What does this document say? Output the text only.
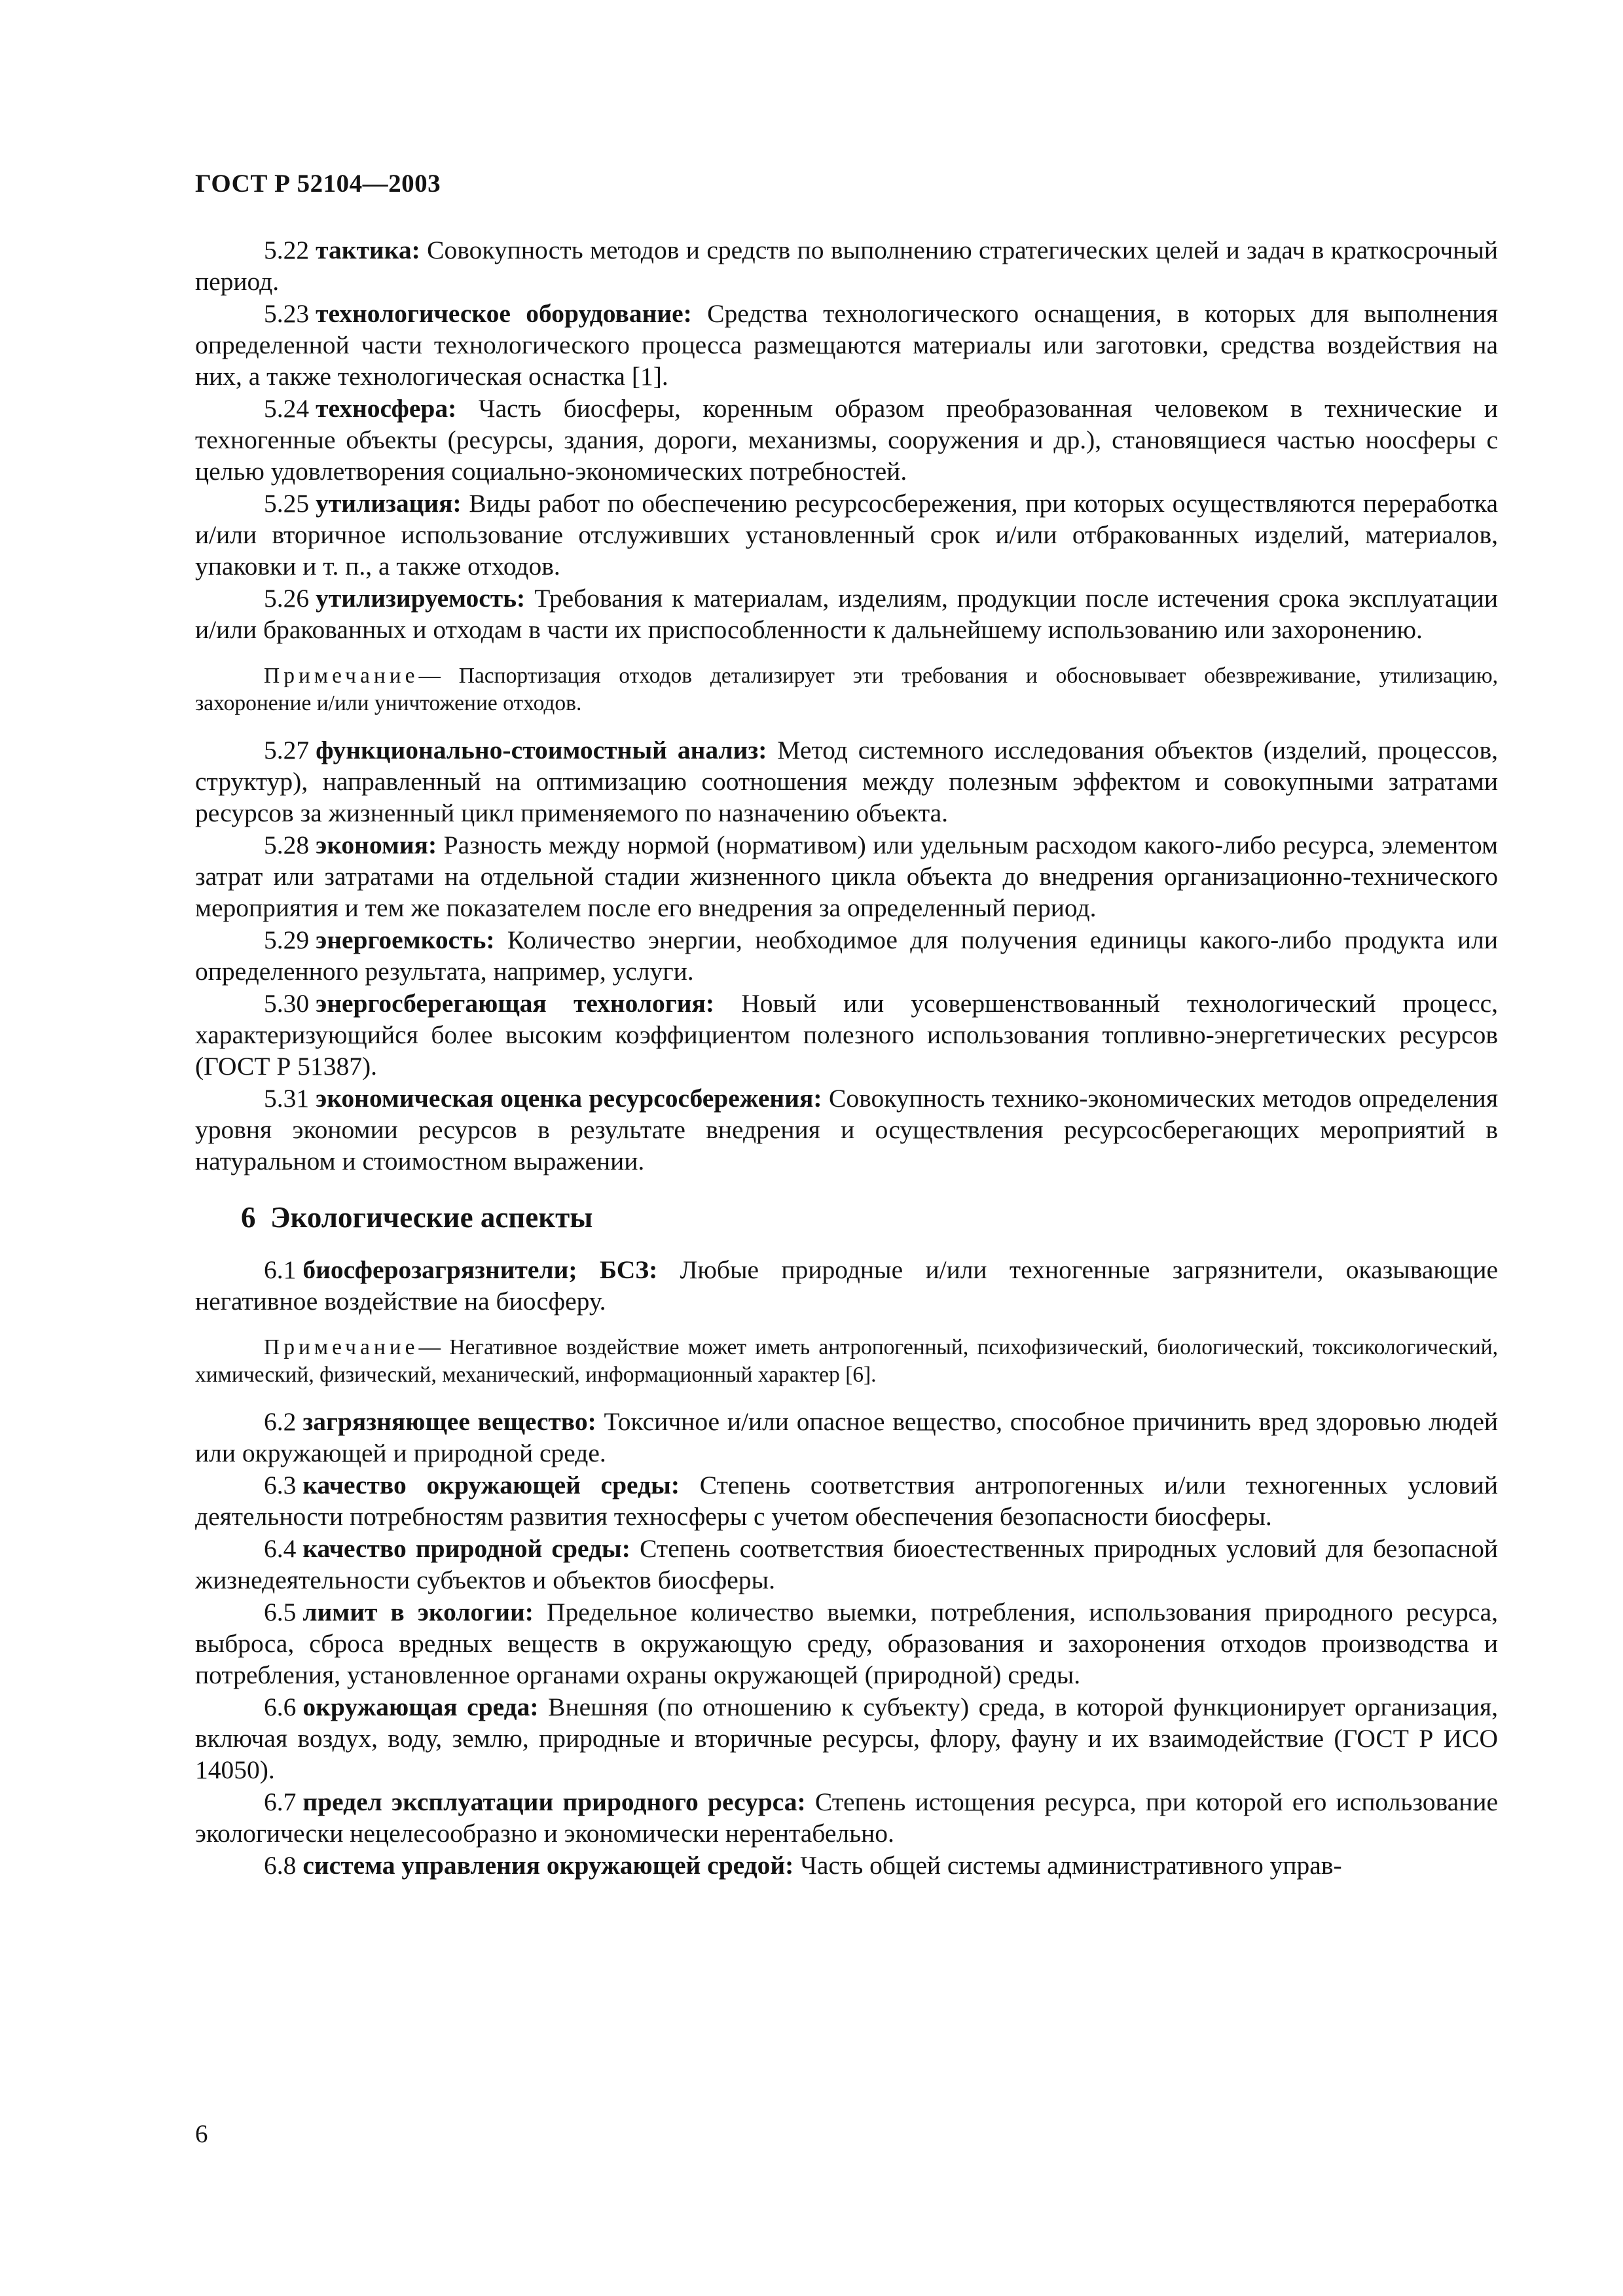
ГОСТ Р 52104—2003

5.22 тактика: Совокупность методов и средств по выполнению стратегических целей и задач в краткосрочный период.

5.23 технологическое оборудование: Средства технологического оснащения, в которых для выполнения определенной части технологического процесса размещаются материалы или заготовки, средства воздействия на них, а также технологическая оснастка [1].

5.24 техносфера: Часть биосферы, коренным образом преобразованная человеком в технические и техногенные объекты (ресурсы, здания, дороги, механизмы, сооружения и др.), становящиеся частью ноосферы с целью удовлетворения социально-экономических потребностей.

5.25 утилизация: Виды работ по обеспечению ресурсосбережения, при которых осуществляются переработка и/или вторичное использование отслуживших установленный срок и/или отбракованных изделий, материалов, упаковки и т. п., а также отходов.

5.26 утилизируемость: Требования к материалам, изделиям, продукции после истечения срока эксплуатации и/или бракованных и отходам в части их приспособленности к дальнейшему использованию или захоронению.

Примечание— Паспортизация отходов детализирует эти требования и обосновывает обезвреживание, утилизацию, захоронение и/или уничтожение отходов.

5.27 функционально-стоимостный анализ: Метод системного исследования объектов (изделий, процессов, структур), направленный на оптимизацию соотношения между полезным эффектом и совокупными затратами ресурсов за жизненный цикл применяемого по назначению объекта.

5.28 экономия: Разность между нормой (нормативом) или удельным расходом какого-либо ресурса, элементом затрат или затратами на отдельной стадии жизненного цикла объекта до внедрения организационно-технического мероприятия и тем же показателем после его внедрения за определенный период.

5.29 энергоемкость: Количество энергии, необходимое для получения единицы какого-либо продукта или определенного результата, например, услуги.

5.30 энергосберегающая технология: Новый или усовершенствованный технологический процесс, характеризующийся более высоким коэффициентом полезного использования топливно-энергетических ресурсов (ГОСТ Р 51387).

5.31 экономическая оценка ресурсосбережения: Совокупность технико-экономических методов определения уровня экономии ресурсов в результате внедрения и осуществления ресурсосберегающих мероприятий в натуральном и стоимостном выражении.

6 Экологические аспекты

6.1 биосферозагрязнители; БСЗ: Любые природные и/или техногенные загрязнители, оказывающие негативное воздействие на биосферу.

Примечание— Негативное воздействие может иметь антропогенный, психофизический, биологический, токсикологический, химический, физический, механический, информационный характер [6].

6.2 загрязняющее вещество: Токсичное и/или опасное вещество, способное причинить вред здоровью людей или окружающей и природной среде.

6.3 качество окружающей среды: Степень соответствия антропогенных и/или техногенных условий деятельности потребностям развития техносферы с учетом обеспечения безопасности биосферы.

6.4 качество природной среды: Степень соответствия биоестественных природных условий для безопасной жизнедеятельности субъектов и объектов биосферы.

6.5 лимит в экологии: Предельное количество выемки, потребления, использования природного ресурса, выброса, сброса вредных веществ в окружающую среду, образования и захоронения отходов производства и потребления, установленное органами охраны окружающей (природной) среды.

6.6 окружающая среда: Внешняя (по отношению к субъекту) среда, в которой функционирует организация, включая воздух, воду, землю, природные и вторичные ресурсы, флору, фауну и их взаимодействие (ГОСТ Р ИСО 14050).

6.7 предел эксплуатации природного ресурса: Степень истощения ресурса, при которой его использование экологически нецелесообразно и экономически нерентабельно.

6.8 система управления окружающей средой: Часть общей системы административного управ-

6
